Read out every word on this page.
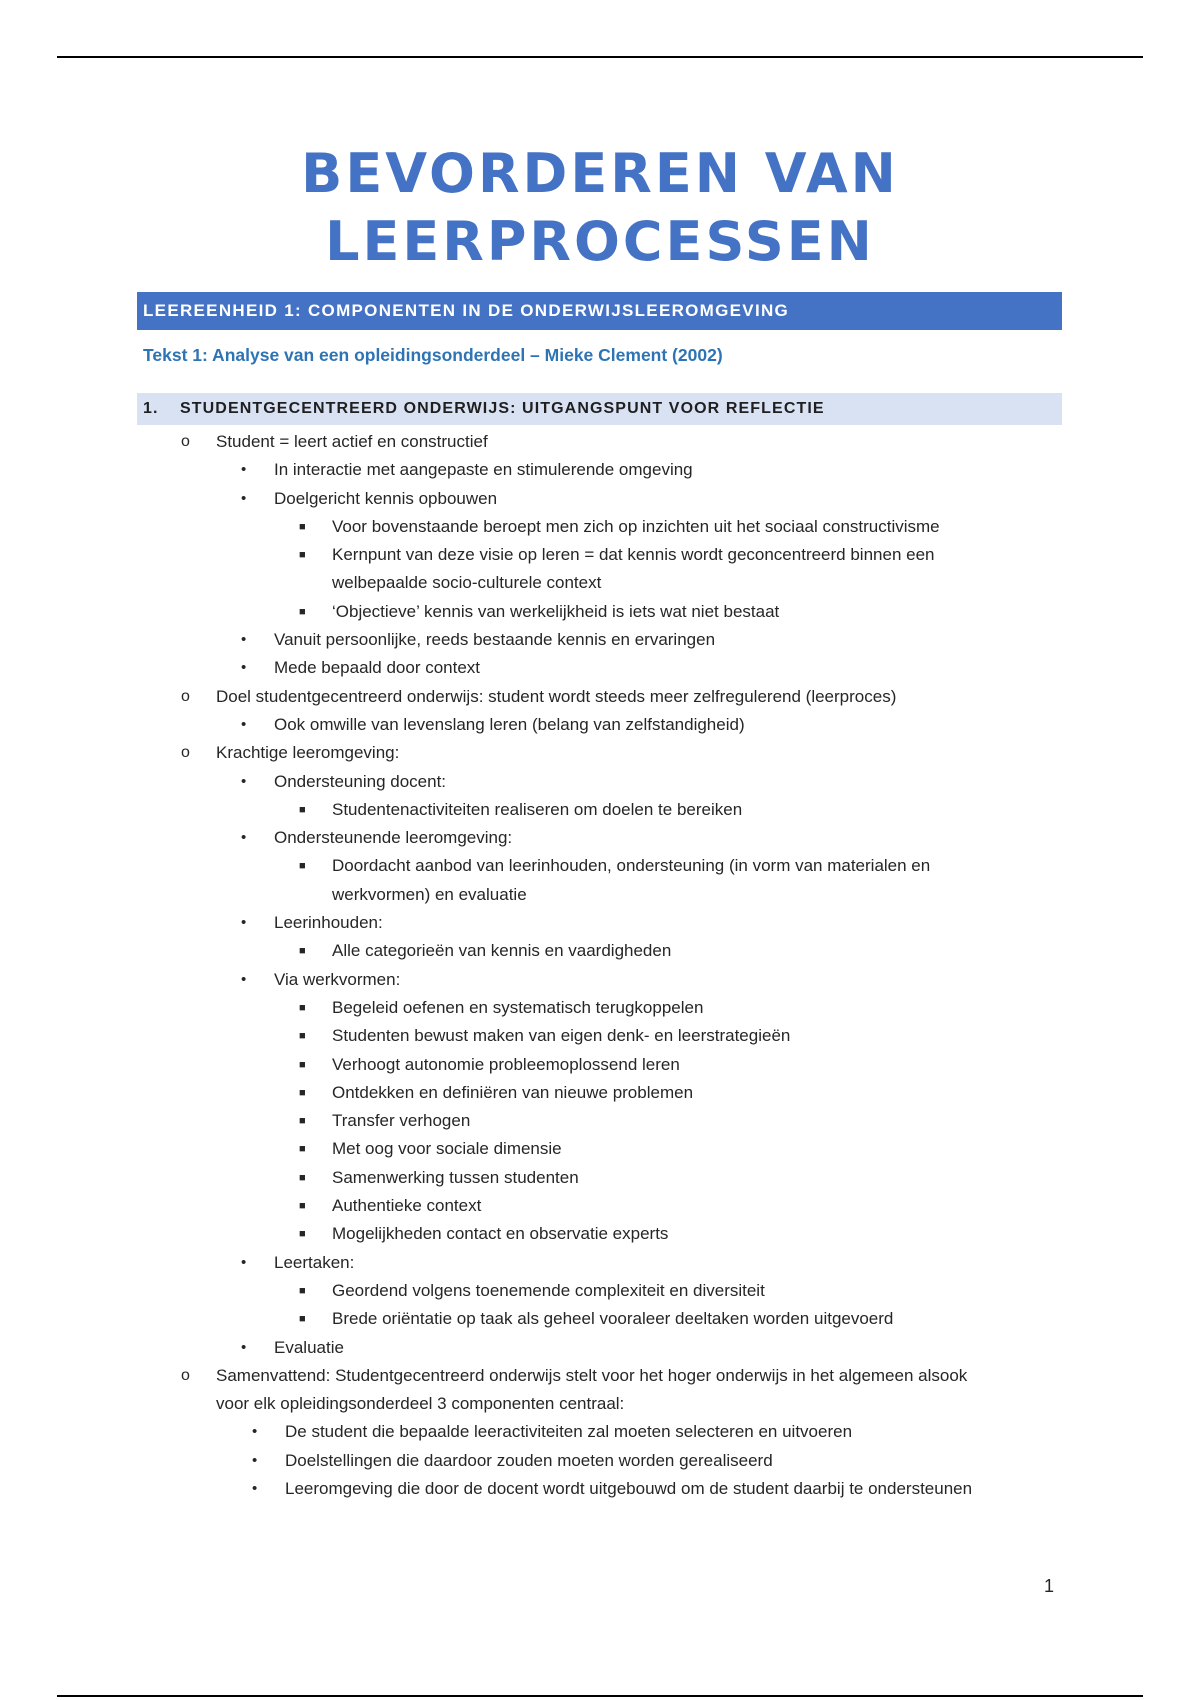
BEVORDEREN VAN
LEERPROCESSEN
LEEREENHEID 1: COMPONENTEN IN DE ONDERWIJSLEEROMGEVING
Tekst 1: Analyse van een opleidingsonderdeel – Mieke Clement (2002)
1. STUDENTGECENTREERD ONDERWIJS: UITGANGSPUNT VOOR REFLECTIE
o Student = leert actief en constructief
• In interactie met aangepaste en stimulerende omgeving
• Doelgericht kennis opbouwen
■ Voor bovenstaande beroept men zich op inzichten uit het sociaal constructivisme
■ Kernpunt van deze visie op leren = dat kennis wordt geconcentreerd binnen een
welbepaalde socio-culturele context
■ ‘Objectieve’ kennis van werkelijkheid is iets wat niet bestaat
• Vanuit persoonlijke, reeds bestaande kennis en ervaringen
• Mede bepaald door context
o Doel studentgecentreerd onderwijs: student wordt steeds meer zelfregulerend (leerproces)
• Ook omwille van levenslang leren (belang van zelfstandigheid)
o Krachtige leeromgeving:
• Ondersteuning docent:
■ Studentenactiviteiten realiseren om doelen te bereiken
• Ondersteunende leeromgeving:
■ Doordacht aanbod van leerinhouden, ondersteuning (in vorm van materialen en
werkvormen) en evaluatie
• Leerinhouden:
■ Alle categorieën van kennis en vaardigheden
• Via werkvormen:
■ Begeleid oefenen en systematisch terugkoppelen
■ Studenten bewust maken van eigen denk- en leerstrategieën
■ Verhoogt autonomie probleemoplossend leren
■ Ontdekken en definiëren van nieuwe problemen
■ Transfer verhogen
■ Met oog voor sociale dimensie
■ Samenwerking tussen studenten
■ Authentieke context
■ Mogelijkheden contact en observatie experts
• Leertaken:
■ Geordend volgens toenemende complexiteit en diversiteit
■ Brede oriëntatie op taak als geheel vooraleer deeltaken worden uitgevoerd
• Evaluatie
o Samenvattend: Studentgecentreerd onderwijs stelt voor het hoger onderwijs in het algemeen alsook
voor elk opleidingsonderdeel 3 componenten centraal:
• De student die bepaalde leeractiviteiten zal moeten selecteren en uitvoeren
• Doelstellingen die daardoor zouden moeten worden gerealiseerd
• Leeromgeving die door de docent wordt uitgebouwd om de student daarbij te ondersteunen
1
